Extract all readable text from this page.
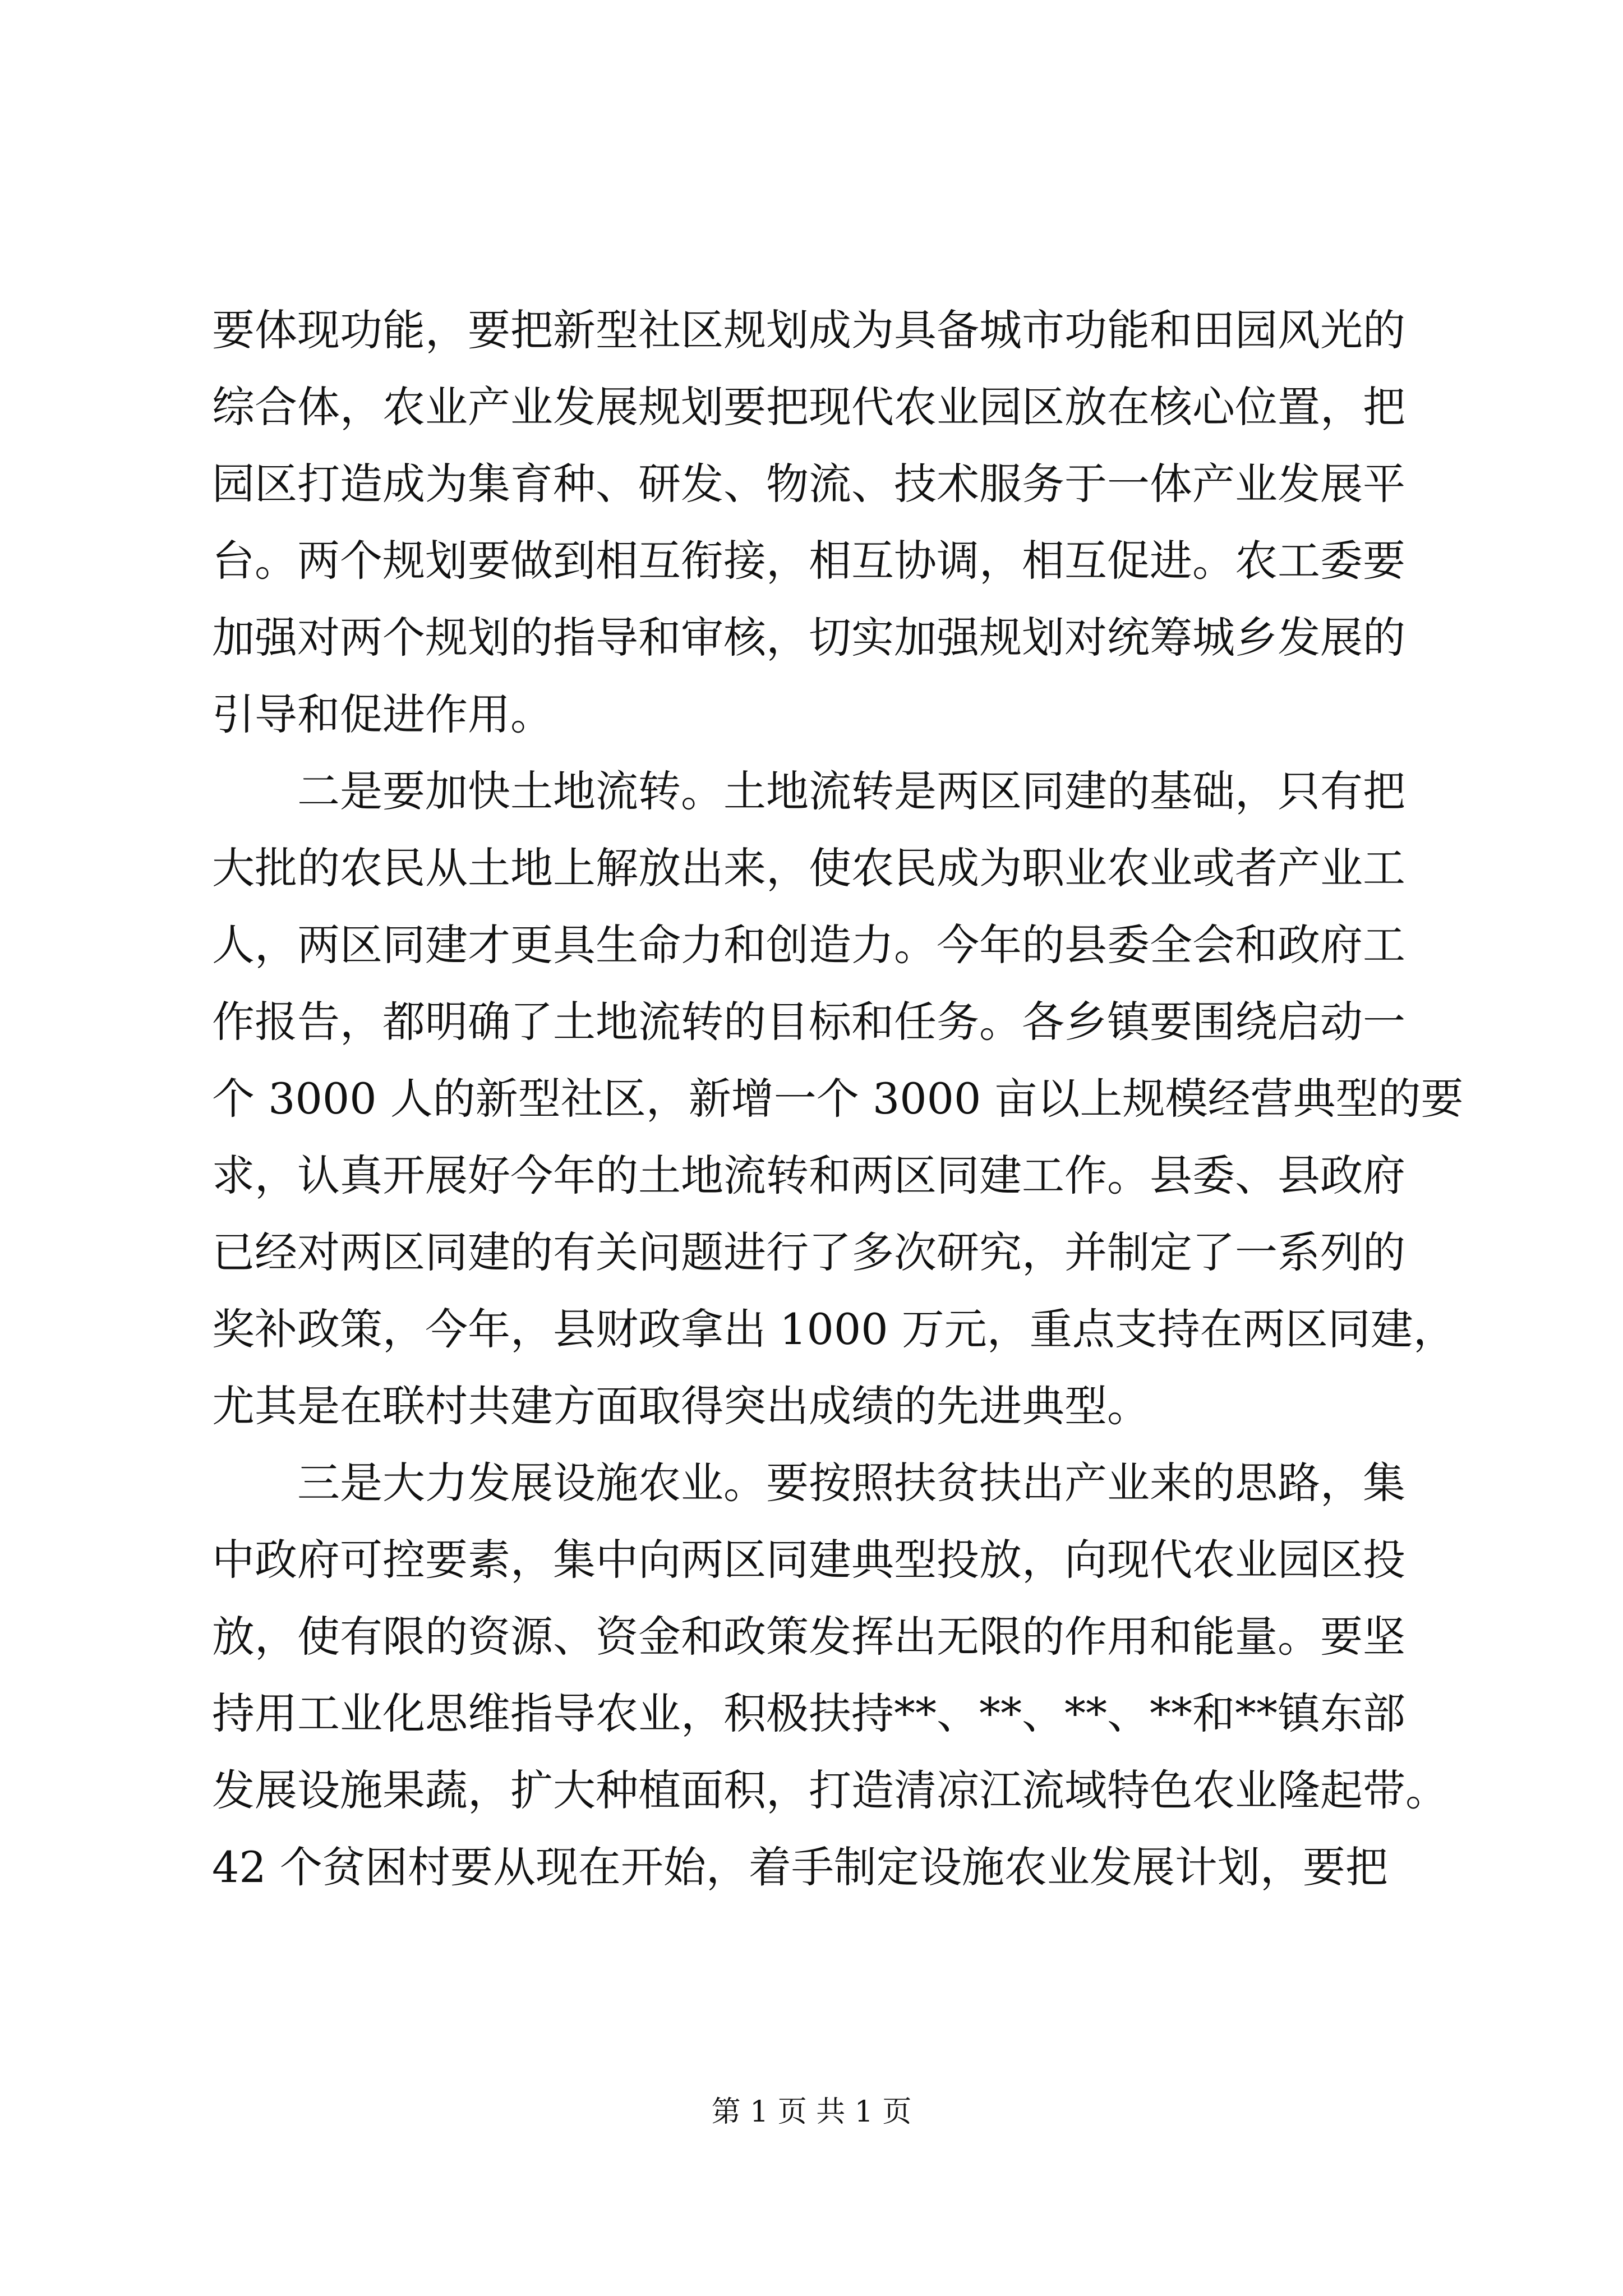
要体现功能，要把新型社区规划成为具备城市功能和田园风光的
综合体，农业产业发展规划要把现代农业园区放在核心位置，把
园区打造成为集育种、研发、物流、技术服务于一体产业发展平
台。两个规划要做到相互衔接，相互协调，相互促进。农工委要
加强对两个规划的指导和审核，切实加强规划对统筹城乡发展的
引导和促进作用。
二是要加快土地流转。土地流转是两区同建的基础，只有把
大批的农民从土地上解放出来，使农民成为职业农业或者产业工
人，两区同建才更具生命力和创造力。今年的县委全会和政府工
作报告，都明确了土地流转的目标和任务。各乡镇要围绕启动一
个 3000 人的新型社区，新增一个 3000 亩以上规模经营典型的要
求，认真开展好今年的土地流转和两区同建工作。县委、县政府
已经对两区同建的有关问题进行了多次研究，并制定了一系列的
奖补政策，今年，县财政拿出 1000 万元，重点支持在两区同建，
尤其是在联村共建方面取得突出成绩的先进典型。
三是大力发展设施农业。要按照扶贫扶出产业来的思路，集
中政府可控要素，集中向两区同建典型投放，向现代农业园区投
放，使有限的资源、资金和政策发挥出无限的作用和能量。要坚
持用工业化思维指导农业，积极扶持**、**、**、**和**镇东部
发展设施果蔬，扩大种植面积，打造清凉江流域特色农业隆起带。
42 个贫困村要从现在开始，着手制定设施农业发展计划，要把
第 1 页 共 1 页
